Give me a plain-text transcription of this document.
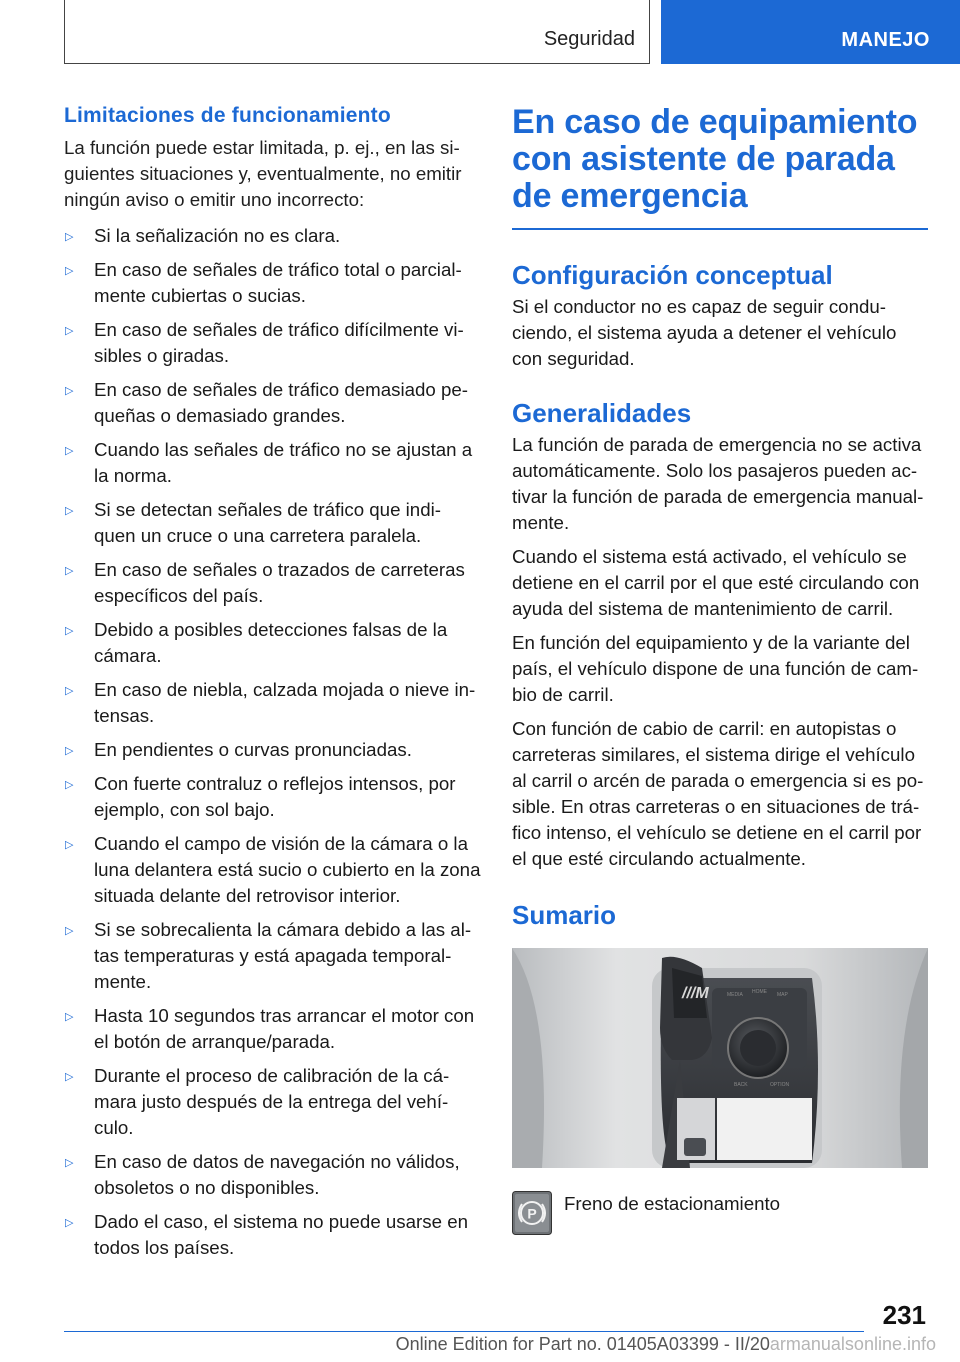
Seguridad	MANEJO
Limitaciones de funcionamiento

La función puede estar limitada, p. ej., en las si-guientes situaciones y, eventualmente, no emitir ningún aviso o emitir uno incorrecto:

▷ Si la señalización no es clara.
▷ En caso de señales de tráfico total o parcial-mente cubiertas o sucias.
▷ En caso de señales de tráfico difícilmente vi-sibles o giradas.
▷ En caso de señales de tráfico demasiado pe-queñas o demasiado grandes.
▷ Cuando las señales de tráfico no se ajustan a la norma.
▷ Si se detectan señales de tráfico que indi-quen un cruce o una carretera paralela.
▷ En caso de señales o trazados de carreteras específicos del país.
▷ Debido a posibles detecciones falsas de la cámara.
▷ En caso de niebla, calzada mojada o nieve in-tensas.
▷ En pendientes o curvas pronunciadas.
▷ Con fuerte contraluz o reflejos intensos, por ejemplo, con sol bajo.
▷ Cuando el campo de visión de la cámara o la luna delantera está sucio o cubierto en la zona situada delante del retrovisor interior.
▷ Si se sobrecalienta la cámara debido a las al-tas temperaturas y está apagada temporal-mente.
▷ Hasta 10 segundos tras arrancar el motor con el botón de arranque/parada.
▷ Durante el proceso de calibración de la cá-mara justo después de la entrega del vehí-culo.
▷ En caso de datos de navegación no válidos, obsoletos o no disponibles.
▷ Dado el caso, el sistema no puede usarse en todos los países.
En caso de equipamiento con asistente de parada de emergencia
Configuración conceptual

Si el conductor no es capaz de seguir condu-ciendo, el sistema ayuda a detener el vehículo con seguridad.

Generalidades

La función de parada de emergencia no se activa automáticamente. Solo los pasajeros pueden ac-tivar la función de parada de emergencia manual-mente.

Cuando el sistema está activado, el vehículo se detiene en el carril por el que esté circulando con ayuda del sistema de mantenimiento de carril.

En función del equipamiento y de la variante del país, el vehículo dispone de una función de cam-bio de carril.

Con función de cabio de carril: en autopistas o carreteras similares, el sistema dirige el vehículo al carril o arcén de parada o emergencia si es po-sible. En otras carreteras o en situaciones de trá-fico intenso, el vehículo se detiene en el carril por el que esté circulando actualmente.

Sumario
///M	MEDIA HOME MAP
BACK	OPTION
P Freno de estacionamiento
231
Online Edition for Part no. 01405A03399 - II/20armanualsonline.info
